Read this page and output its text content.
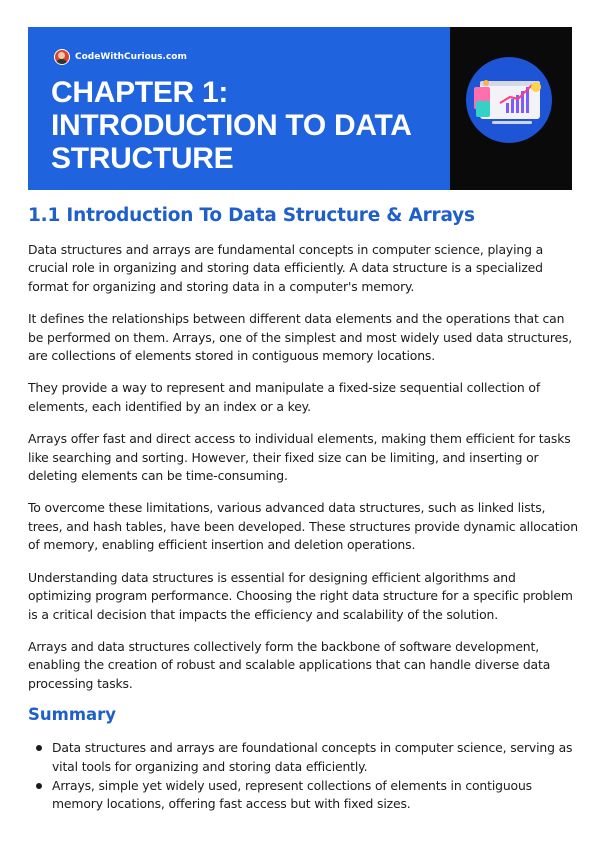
CodeWithCurious.com
CHAPTER 1:
INTRODUCTION TO DATA
STRUCTURE
1.1 Introduction To Data Structure & Arrays

Data structures and arrays are fundamental concepts in computer science, playing a crucial role in organizing and storing data efficiently. A data structure is a specialized format for organizing and storing data in a computer's memory.

It defines the relationships between different data elements and the operations that can be performed on them. Arrays, one of the simplest and most widely used data structures, are collections of elements stored in contiguous memory locations.

They provide a way to represent and manipulate a fixed-size sequential collection of elements, each identified by an index or a key.

Arrays offer fast and direct access to individual elements, making them efficient for tasks like searching and sorting. However, their fixed size can be limiting, and inserting or deleting elements can be time-consuming.

To overcome these limitations, various advanced data structures, such as linked lists, trees, and hash tables, have been developed. These structures provide dynamic allocation of memory, enabling efficient insertion and deletion operations.

Understanding data structures is essential for designing efficient algorithms and optimizing program performance. Choosing the right data structure for a specific problem is a critical decision that impacts the efficiency and scalability of the solution.

Arrays and data structures collectively form the backbone of software development, enabling the creation of robust and scalable applications that can handle diverse data processing tasks.

Summary
Data structures and arrays are foundational concepts in computer science, serving as vital tools for organizing and storing data efficiently.
Arrays, simple yet widely used, represent collections of elements in contiguous memory locations, offering fast access but with fixed sizes.
